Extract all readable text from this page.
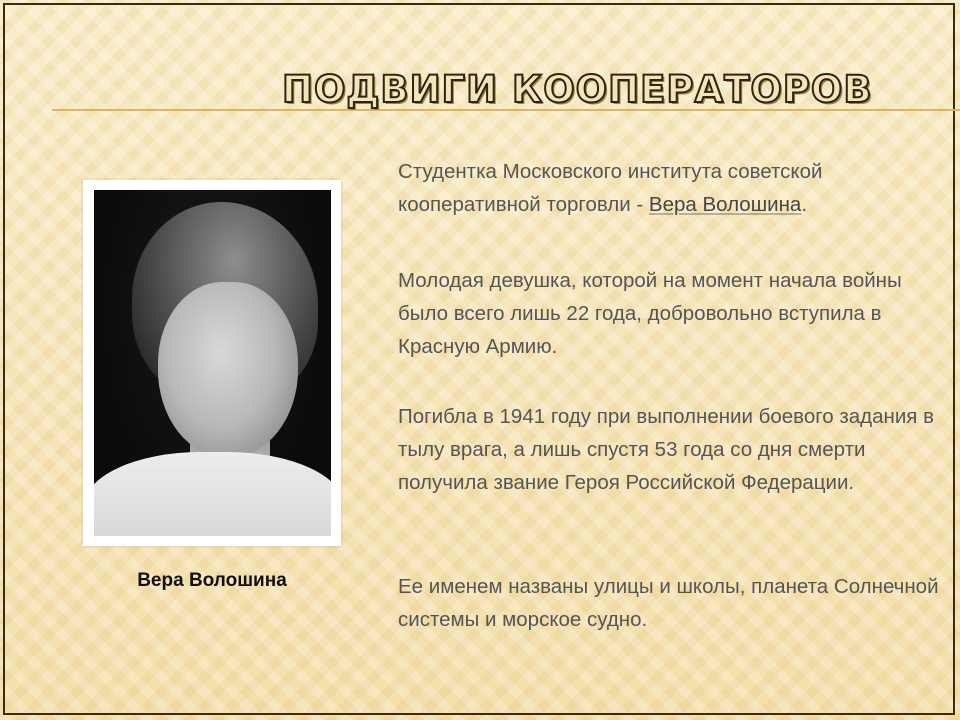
ПОДВИГИ КООПЕРАТОРОВ
Вера Волошина

Студентка Московского института советской кооперативной торговли - Вера Волошина.

Молодая девушка, которой на момент начала войны было всего лишь 22 года, добровольно вступила в Красную Армию.

Погибла в 1941 году при выполнении боевого задания в тылу врага, а лишь спустя 53 года со дня смерти получила звание Героя Российской Федерации.

Ее именем названы улицы и школы, планета Солнечной системы и морское судно.
